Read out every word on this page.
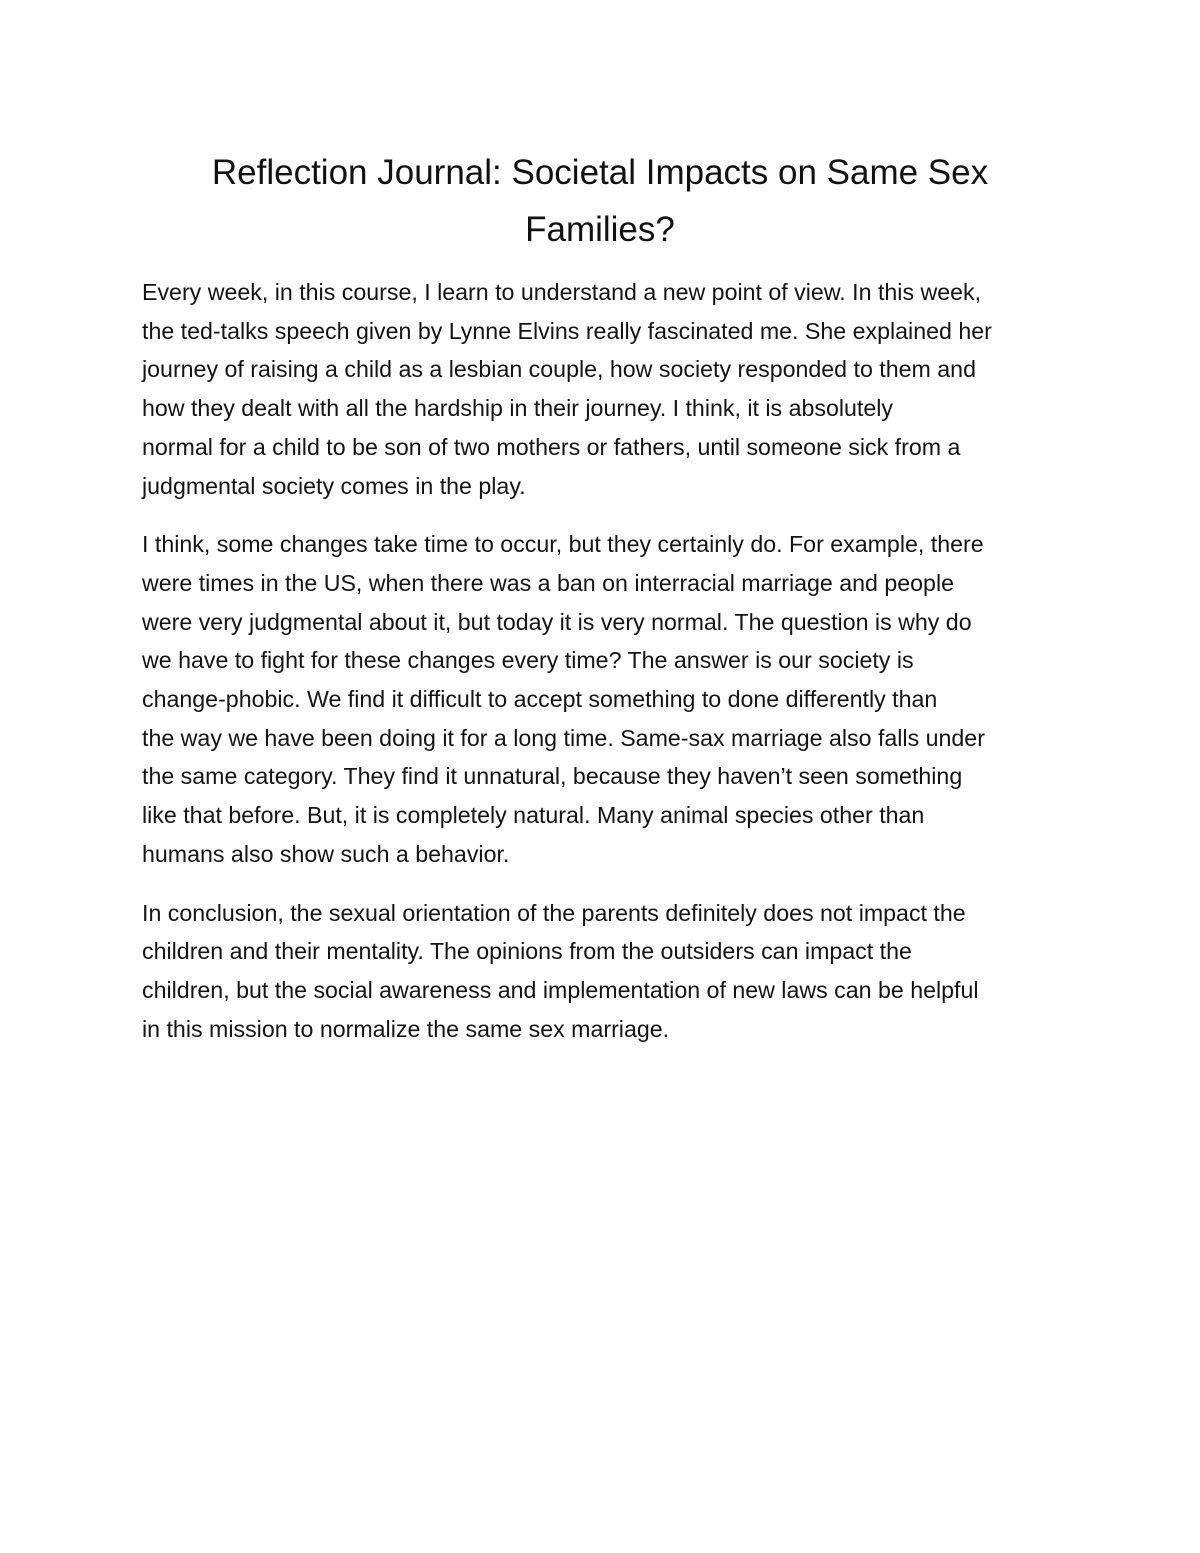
Reflection Journal: Societal Impacts on Same Sex
Families?

Every week, in this course, I learn to understand a new point of view. In this week,
the ted-talks speech given by Lynne Elvins really fascinated me. She explained her
journey of raising a child as a lesbian couple, how society responded to them and
how they dealt with all the hardship in their journey. I think, it is absolutely
normal for a child to be son of two mothers or fathers, until someone sick from a
judgmental society comes in the play.

I think, some changes take time to occur, but they certainly do. For example, there
were times in the US, when there was a ban on interracial marriage and people
were very judgmental about it, but today it is very normal. The question is why do
we have to fight for these changes every time? The answer is our society is
change-phobic. We find it difficult to accept something to done differently than
the way we have been doing it for a long time. Same-sax marriage also falls under
the same category. They find it unnatural, because they haven’t seen something
like that before. But, it is completely natural. Many animal species other than
humans also show such a behavior.

In conclusion, the sexual orientation of the parents definitely does not impact the
children and their mentality. The opinions from the outsiders can impact the
children, but the social awareness and implementation of new laws can be helpful
in this mission to normalize the same sex marriage.
